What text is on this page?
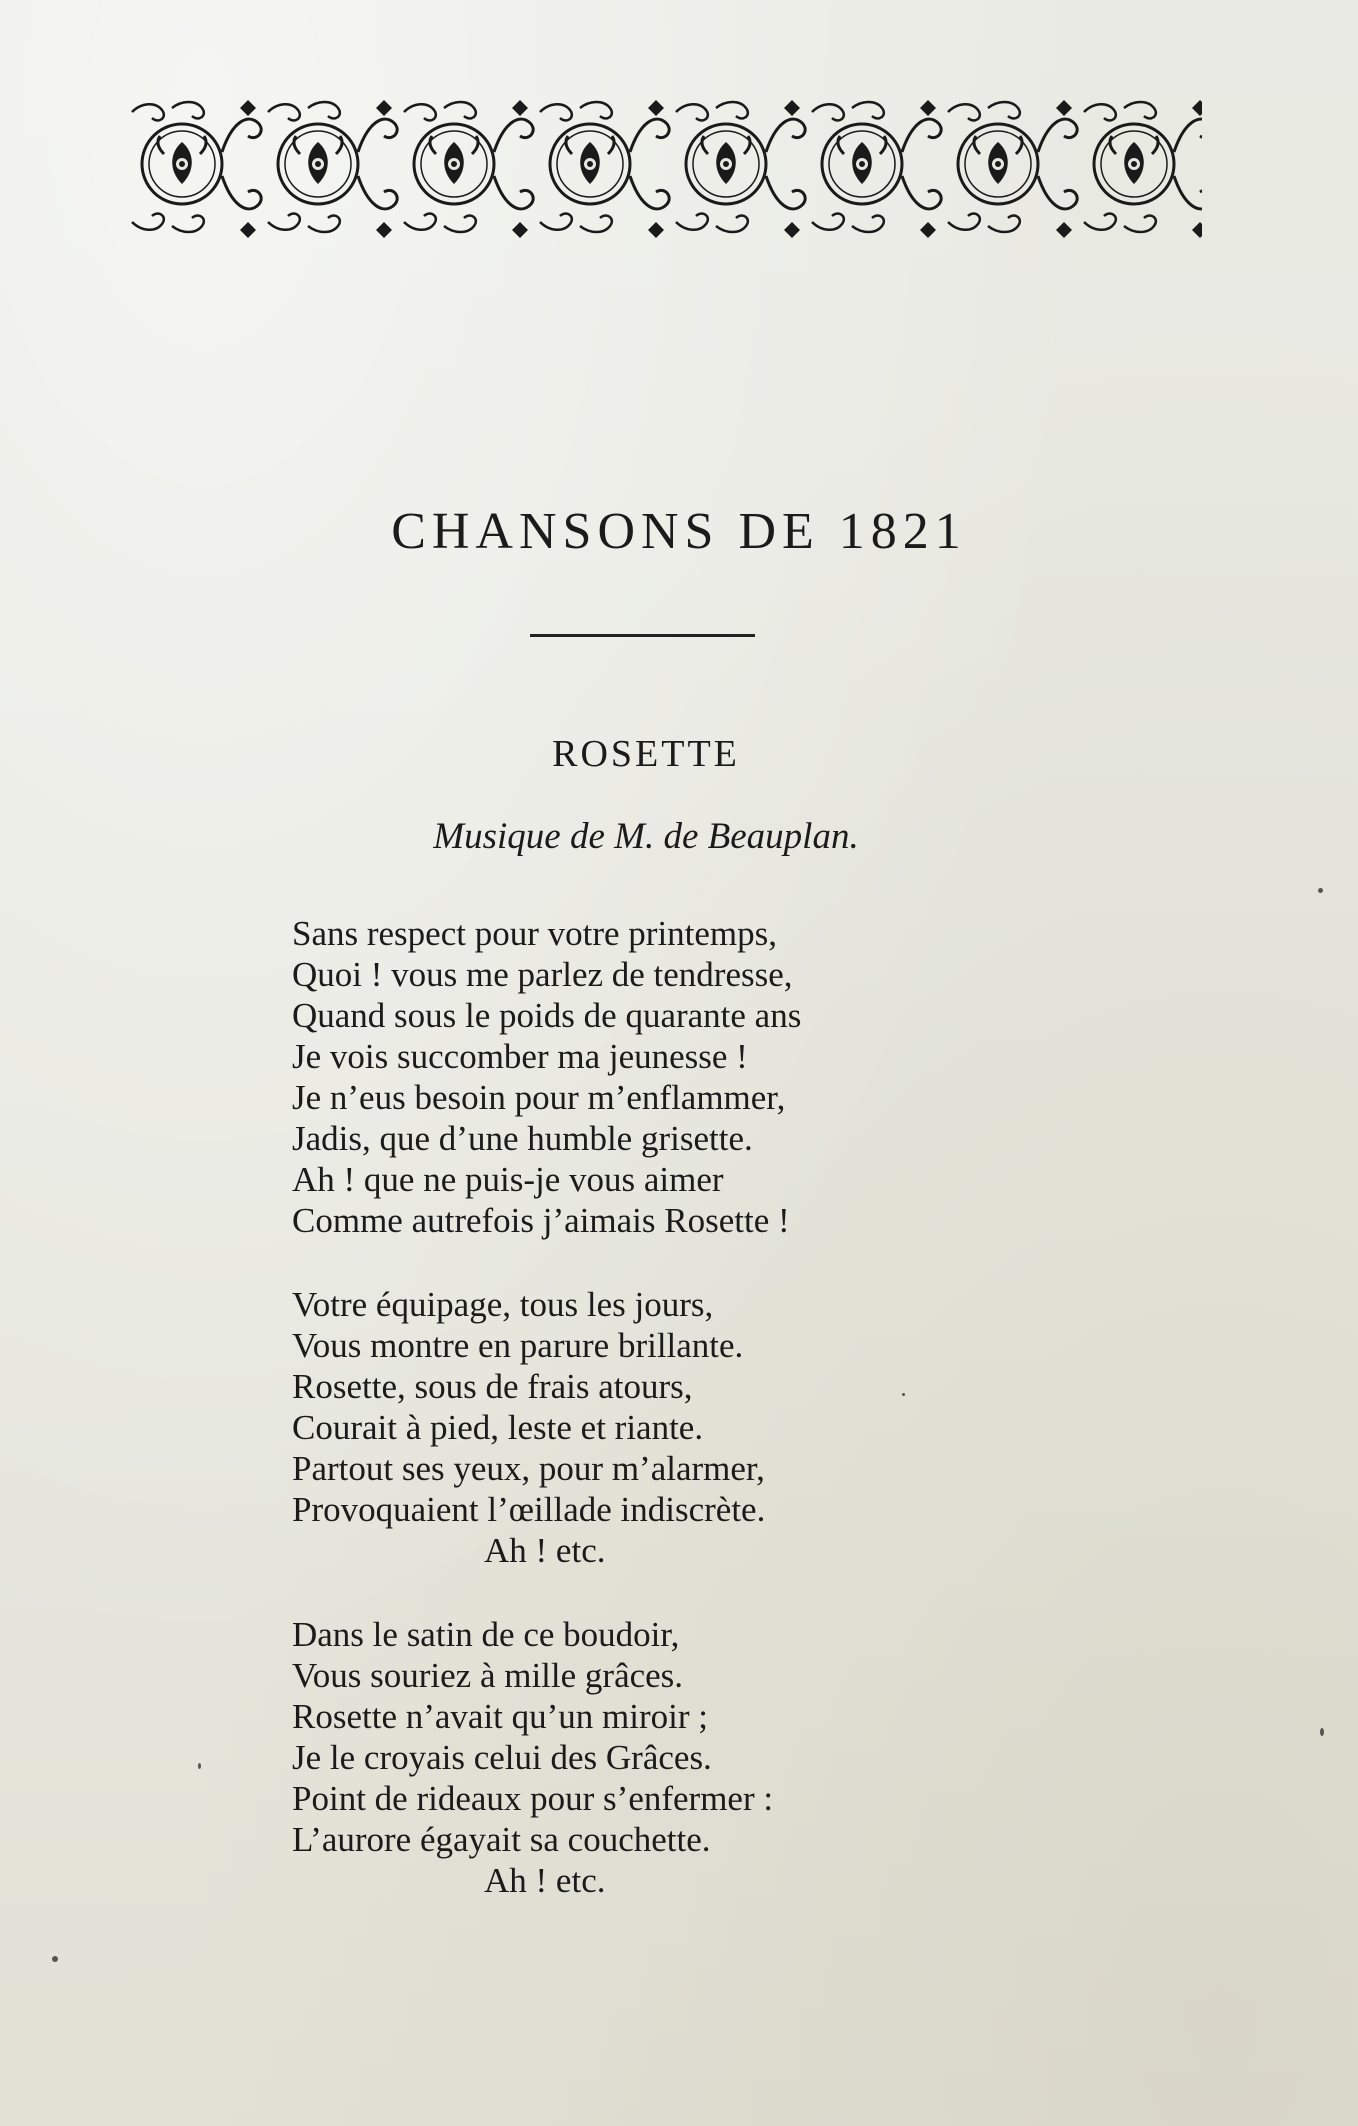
CHANSONS DE 1821
ROSETTE
Musique de M. de Beauplan.
Sans respect pour votre printemps,
Quoi ! vous me parlez de tendresse,
Quand sous le poids de quarante ans
Je vois succomber ma jeunesse !
Je n’eus besoin pour m’enflammer,
Jadis, que d’une humble grisette.
Ah ! que ne puis-je vous aimer
Comme autrefois j’aimais Rosette !
Votre équipage, tous les jours,
Vous montre en parure brillante.
Rosette, sous de frais atours,
Courait à pied, leste et riante.
Partout ses yeux, pour m’alarmer,
Provoquaient l’œillade indiscrète.
Ah ! etc.
Dans le satin de ce boudoir,
Vous souriez à mille grâces.
Rosette n’avait qu’un miroir ;
Je le croyais celui des Grâces.
Point de rideaux pour s’enfermer :
L’aurore égayait sa couchette.
Ah ! etc.
